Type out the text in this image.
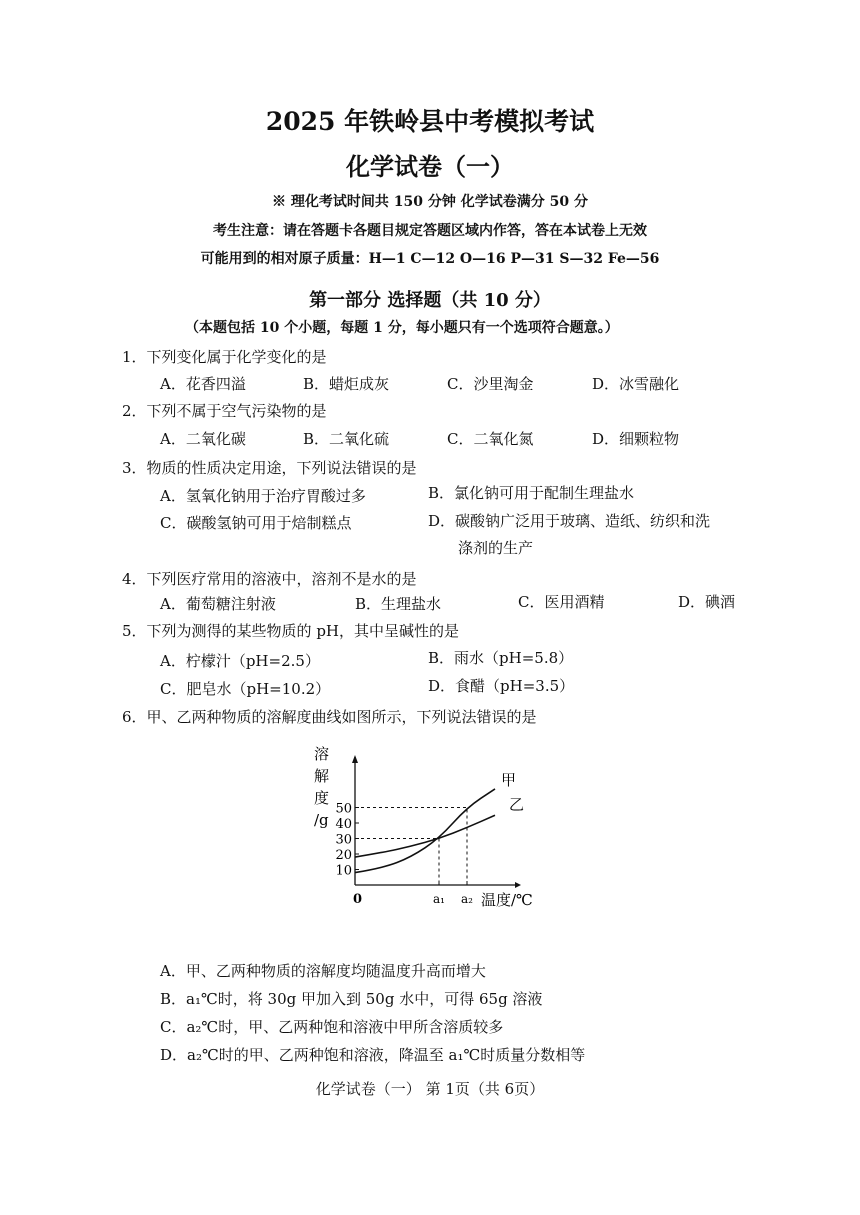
2025 年铁岭县中考模拟考试
化学试卷（一）
※ 理化考试时间共 150 分钟 化学试卷满分 50 分
考生注意：请在答题卡各题目规定答题区域内作答，答在本试卷上无效
可能用到的相对原子质量：H—1 C—12 O—16 P—31 S—32 Fe—56
第一部分 选择题（共 10 分）
（本题包括 10 个小题，每题 1 分，每小题只有一个选项符合题意。）
1．下列变化属于化学变化的是
A．花香四溢	B．蜡炬成灰	C．沙里淘金	D．冰雪融化
2．下列不属于空气污染物的是
A．二氧化碳	B．二氧化硫	C．二氧化氮	D．细颗粒物
3．物质的性质决定用途，下列说法错误的是
A．氢氧化钠用于治疗胃酸过多	B．氯化钠可用于配制生理盐水
C．碳酸氢钠可用于焙制糕点	D．碳酸钠广泛用于玻璃、造纸、纺织和洗
涤剂的生产
4．下列医疗常用的溶液中，溶剂不是水的是
A．葡萄糖注射液	B．生理盐水	C．医用酒精	D．碘酒
5．下列为测得的某些物质的 pH，其中呈碱性的是
A．柠檬汁（pH=2.5）	B．雨水（pH=5.8）
C．肥皂水（pH=10.2）	D．食醋（pH=3.5）
6．甲、乙两种物质的溶解度曲线如图所示，下列说法错误的是
溶
解
度
/g
0
10
20
30
40
50
a₁ a₂ 温度/℃
甲
乙
A．甲、乙两种物质的溶解度均随温度升高而增大
B．a₁℃时，将 30g 甲加入到 50g 水中，可得 65g 溶液
C．a₂℃时，甲、乙两种饱和溶液中甲所含溶质较多
D．a₂℃时的甲、乙两种饱和溶液，降温至 a₁℃时质量分数相等
化学试卷（一） 第 1页（共 6页）
